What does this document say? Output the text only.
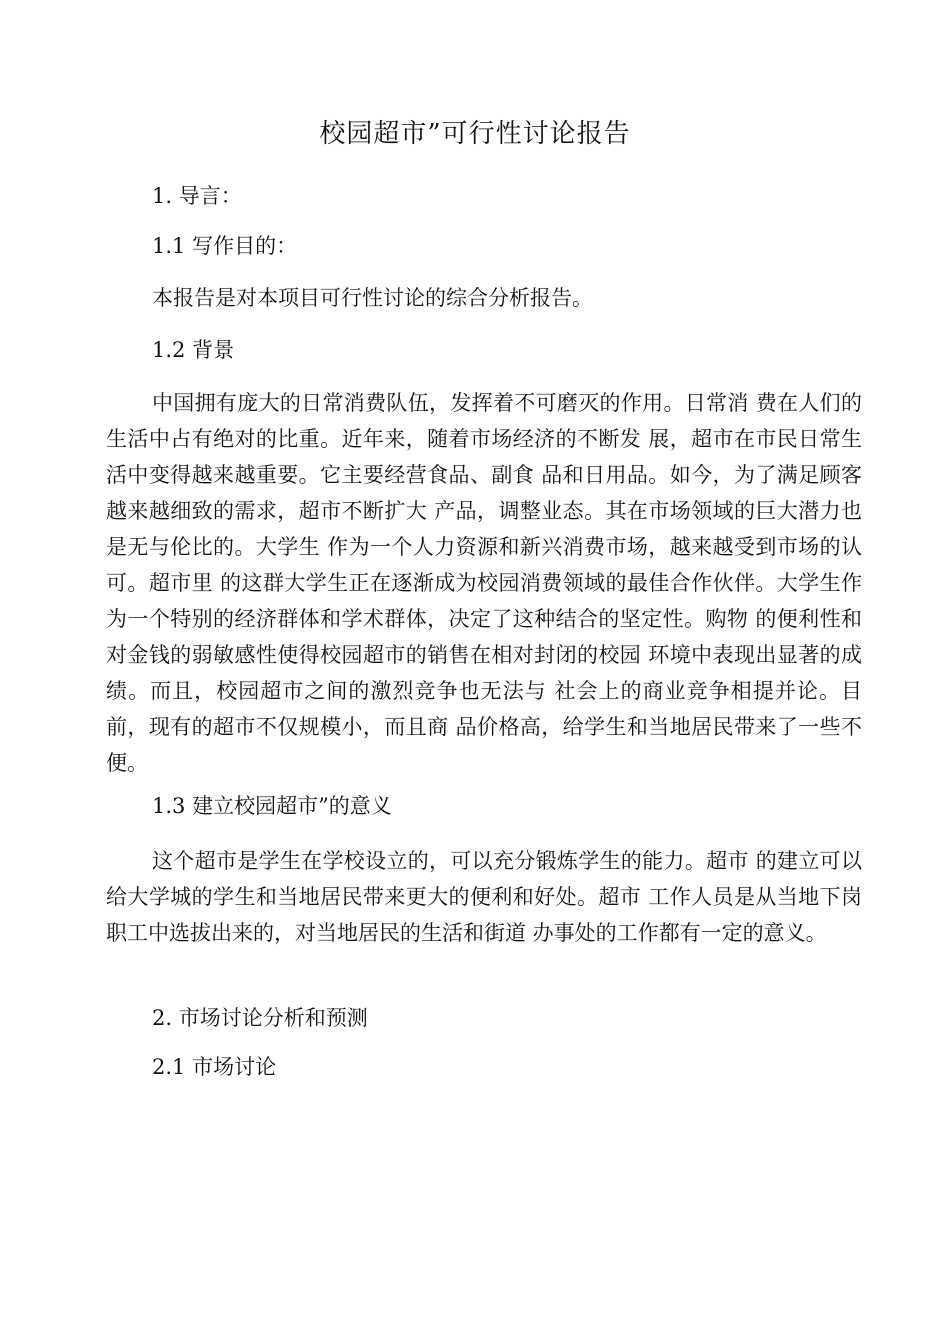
校园超市”可行性讨论报告
1. 导言：
1.1 写作目的：
本报告是对本项目可行性讨论的综合分析报告。
1.2 背景
中国拥有庞大的日常消费队伍，发挥着不可磨灭的作用。日常消 费在人们的生活中占有绝对的比重。近年来，随着市场经济的不断发 展，超市在市民日常生活中变得越来越重要。它主要经营食品、副食 品和日用品。如今，为了满足顾客越来越细致的需求，超市不断扩大 产品，调整业态。其在市场领域的巨大潜力也是无与伦比的。大学生 作为一个人力资源和新兴消费市场，越来越受到市场的认可。超市里 的这群大学生正在逐渐成为校园消费领域的最佳合作伙伴。大学生作 为一个特别的经济群体和学术群体，决定了这种结合的坚定性。购物 的便利性和对金钱的弱敏感性使得校园超市的销售在相对封闭的校园 环境中表现出显著的成绩。而且，校园超市之间的激烈竞争也无法与 社会上的商业竞争相提并论。目前，现有的超市不仅规模小，而且商 品价格高，给学生和当地居民带来了一些不便。
1.3 建立校园超市”的意义
这个超市是学生在学校设立的，可以充分锻炼学生的能力。超市 的建立可以给大学城的学生和当地居民带来更大的便利和好处。超市 工作人员是从当地下岗职工中选拔出来的，对当地居民的生活和街道 办事处的工作都有一定的意义。
2. 市场讨论分析和预测
2.1 市场讨论
